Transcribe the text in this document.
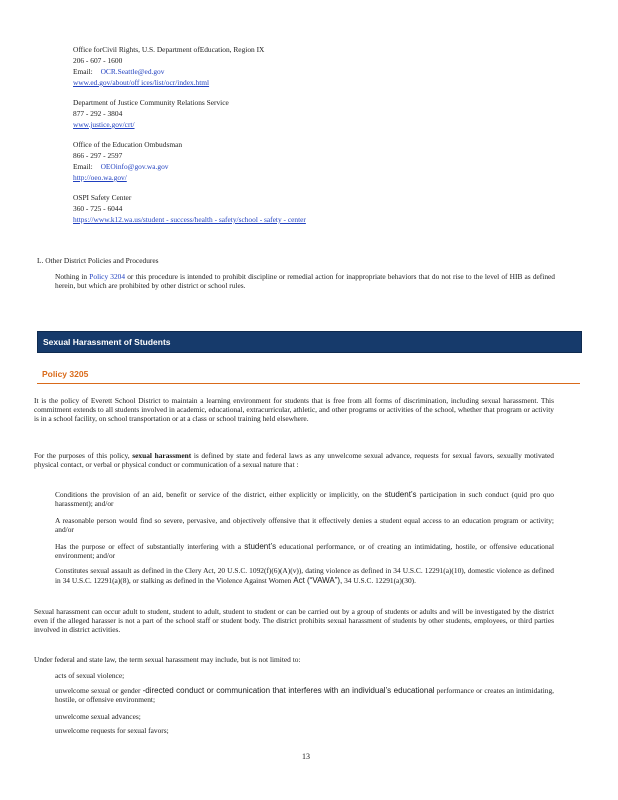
Office forCivil Rights, U.S. Department ofEducation, Region IX
206 - 607 - 1600
Email: OCR.Seattle@ed.gov
www.ed.gov/about/off ices/list/ocr/index.html
Department of Justice Community Relations Service
877 - 292 - 3804
www.justice.gov/crt/
Office of the Education Ombudsman
866 - 297 - 2597
Email: OEOinfo@gov.wa.gov
http://oeo.wa.gov/
OSPI Safety Center
360 - 725 - 6044
https://www.k12.wa.us/student - success/health - safety/school - safety - center
L. Other District Policies and Procedures
Nothing in Policy 3204 or this procedure is intended to prohibit discipline or remedial action for inappropriate behaviors that do not rise to the level of HIB as defined herein, but which are prohibited by other district or school rules.
Sexual Harassment of Students
Policy 3205
It is the policy of Everett School District to maintain a learning environment for students that is free from all forms of discrimination, including sexual harassment. This commitment extends to all students involved in academic, educational, extracurricular, athletic, and other programs or activities of the school, whether that program or activity is in a school facility, on school transportation or at a class or school training held elsewhere.
For the purposes of this policy, sexual harassment is defined by state and federal laws as any unwelcome sexual advance, requests for sexual favors, sexually motivated physical contact, or verbal or physical conduct or communication of a sexual nature that :
Conditions the provision of an aid, benefit or service of the district, either explicitly or implicitly, on the student’s participation in such conduct (quid pro quo harassment); and/or
A reasonable person would find so severe, pervasive, and objectively offensive that it effectively denies a student equal access to an education program or activity; and/or
Has the purpose or effect of substantially interfering with a student’s educational performance, or of creating an intimidating, hostile, or offensive educational environment; and/or
Constitutes sexual assault as defined in the Clery Act, 20 U.S.C. 1092(f)(6)(A)(v)), dating violence as defined in 34 U.S.C. 12291(a)(10), domestic violence as defined in 34 U.S.C. 12291(a)(8), or stalking as defined in the Violence Against Women Act (“VAWA”), 34 U.S.C. 12291(a)(30).
Sexual harassment can occur adult to student, student to adult, student to student or can be carried out by a group of students or adults and will be investigated by the district even if the alleged harasser is not a part of the school staff or student body. The district prohibits sexual harassment of students by other students, employees, or third parties involved in district activities.
Under federal and state law, the term sexual harassment may include, but is not limited to:
acts of sexual violence;
unwelcome sexual or gender -directed conduct or communication that interferes with an individual’s educational performance or creates an intimidating, hostile, or offensive environment;
unwelcome sexual advances;
unwelcome requests for sexual favors;
13
